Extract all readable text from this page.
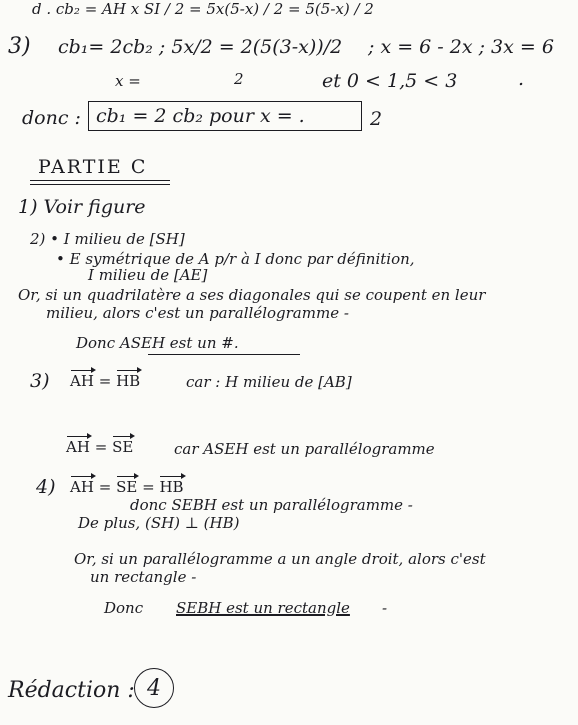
d . cb₂ = AH x SI / 2 = 5x(5-x) / 2 = 5(5-x) / 2
3) cb₁= 2cb₂ ; 5x/2 = 2(5(3-x))/2 ; x = 6 - 2x ; 3x = 6
x =	2	et 0 < 1,5 < 3	.
donc : cb₁ = 2 cb₂ pour x = .	2
PARTIE C
1) Voir figure
2) • I milieu de [SH]
• E symétrique de A p/r à I donc par définition,
I milieu de [AE]
Or, si un quadrilatère a ses diagonales qui se coupent en leur
milieu, alors c'est un parallélogramme -
Donc ASEH est un #.
3) AH = HB	car : H milieu de [AB]
AH = SE	car ASEH est un parallélogramme
4) AH = SE = HB
donc SEBH est un parallélogramme -
De plus, (SH) ⊥ (HB)
Or, si un parallélogramme a un angle droit, alors c'est
un rectangle -
Donc SEBH est un rectangle -
Rédaction : 4
